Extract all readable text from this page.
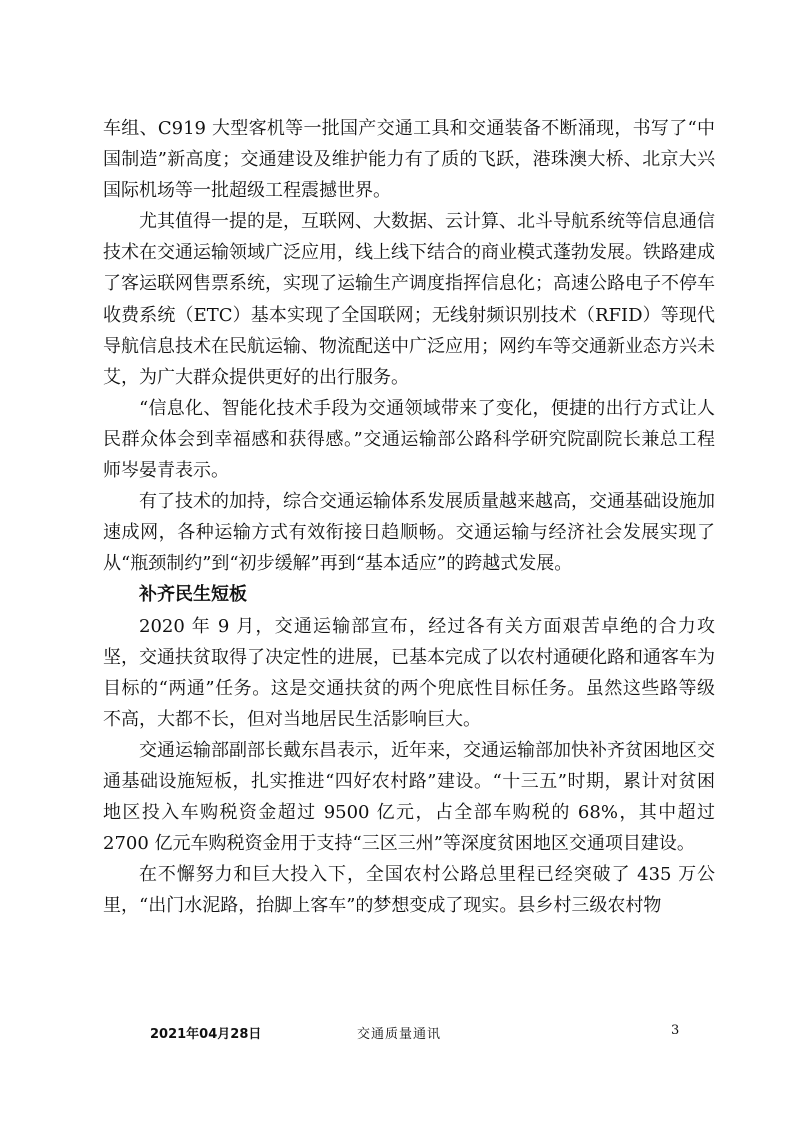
车组、C919 大型客机等一批国产交通工具和交通装备不断涌现，书写了“中国制造”新高度；交通建设及维护能力有了质的飞跃，港珠澳大桥、北京大兴国际机场等一批超级工程震撼世界。

尤其值得一提的是，互联网、大数据、云计算、北斗导航系统等信息通信技术在交通运输领域广泛应用，线上线下结合的商业模式蓬勃发展。铁路建成了客运联网售票系统，实现了运输生产调度指挥信息化；高速公路电子不停车收费系统（ETC）基本实现了全国联网；无线射频识别技术（RFID）等现代导航信息技术在民航运输、物流配送中广泛应用；网约车等交通新业态方兴未艾，为广大群众提供更好的出行服务。

“信息化、智能化技术手段为交通领域带来了变化，便捷的出行方式让人民群众体会到幸福感和获得感。”交通运输部公路科学研究院副院长兼总工程师岑晏青表示。

有了技术的加持，综合交通运输体系发展质量越来越高，交通基础设施加速成网，各种运输方式有效衔接日趋顺畅。交通运输与经济社会发展实现了从“瓶颈制约”到“初步缓解”再到“基本适应”的跨越式发展。

补齐民生短板

2020 年 9 月，交通运输部宣布，经过各有关方面艰苦卓绝的合力攻坚，交通扶贫取得了决定性的进展，已基本完成了以农村通硬化路和通客车为目标的“两通”任务。这是交通扶贫的两个兜底性目标任务。虽然这些路等级不高，大都不长，但对当地居民生活影响巨大。

交通运输部副部长戴东昌表示，近年来，交通运输部加快补齐贫困地区交通基础设施短板，扎实推进“四好农村路”建设。“十三五”时期，累计对贫困地区投入车购税资金超过 9500 亿元，占全部车购税的 68%，其中超过 2700 亿元车购税资金用于支持“三区三州”等深度贫困地区交通项目建设。

在不懈努力和巨大投入下，全国农村公路总里程已经突破了 435 万公里，“出门水泥路，抬脚上客车”的梦想变成了现实。县乡村三级农村物

2021年04月28日	交通质量通讯	3
